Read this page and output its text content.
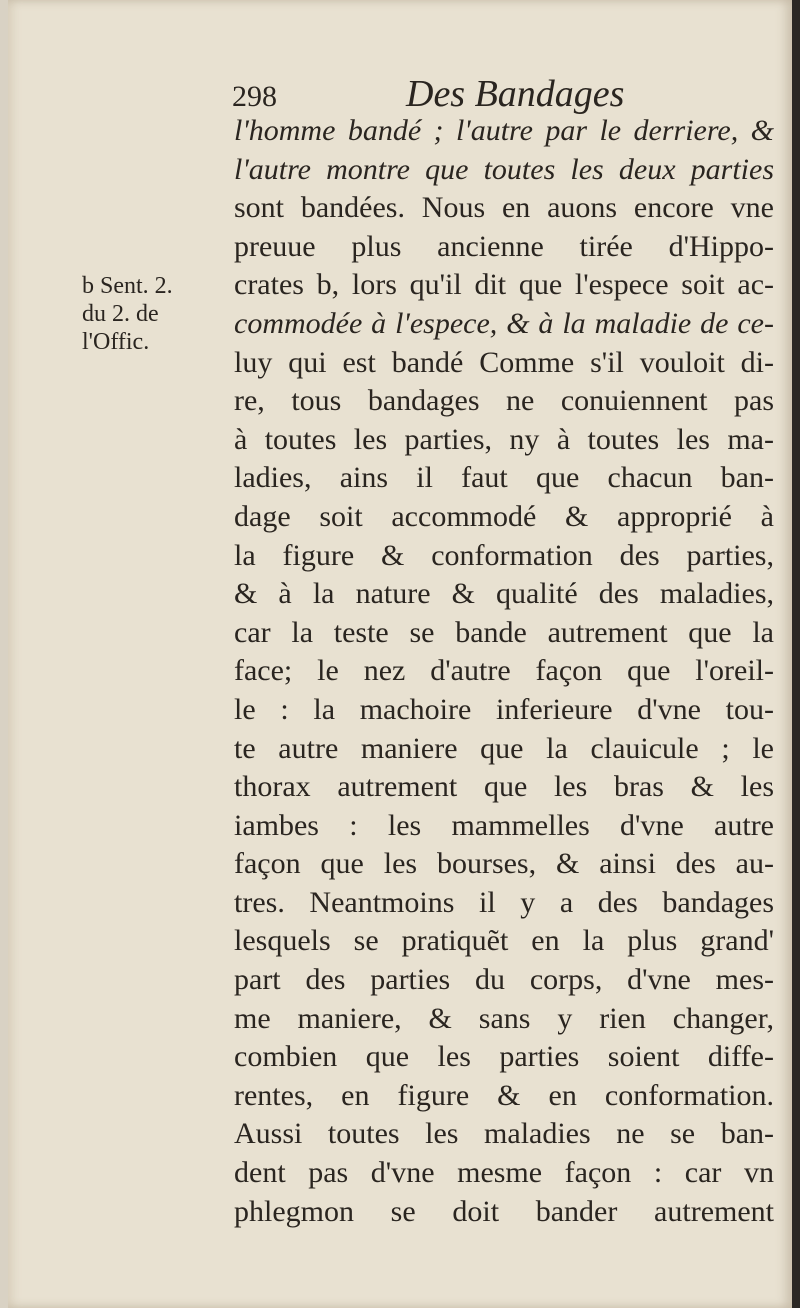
298	Des Bandages
b Sent. 2.
du 2. de
l'Offic.
l'homme bandé ; l'autre par le derriere, &
l'autre montre que toutes les deux parties
sont bandées. Nous en auons encore vne
preuue plus ancienne tirée d'Hippo-
crates b, lors qu'il dit que l'espece soit ac-
commodée à l'espece, & à la maladie de ce-
luy qui est bandé Comme s'il vouloit di-
re, tous bandages ne conuiennent pas
à toutes les parties, ny à toutes les ma-
ladies, ains il faut que chacun ban-
dage soit accommodé & approprié à
la figure & conformation des parties,
& à la nature & qualité des maladies,
car la teste se bande autrement que la
face; le nez d'autre façon que l'oreil-
le : la machoire inferieure d'vne tou-
te autre maniere que la clauicule ; le
thorax autrement que les bras & les
iambes : les mammelles d'vne autre
façon que les bourses, & ainsi des au-
tres. Neantmoins il y a des bandages
lesquels se pratiquẽt en la plus grand'
part des parties du corps, d'vne mes-
me maniere, & sans y rien changer,
combien que les parties soient diffe-
rentes, en figure & en conformation.
Aussi toutes les maladies ne se ban-
dent pas d'vne mesme façon : car vn
phlegmon se doit bander autrement
